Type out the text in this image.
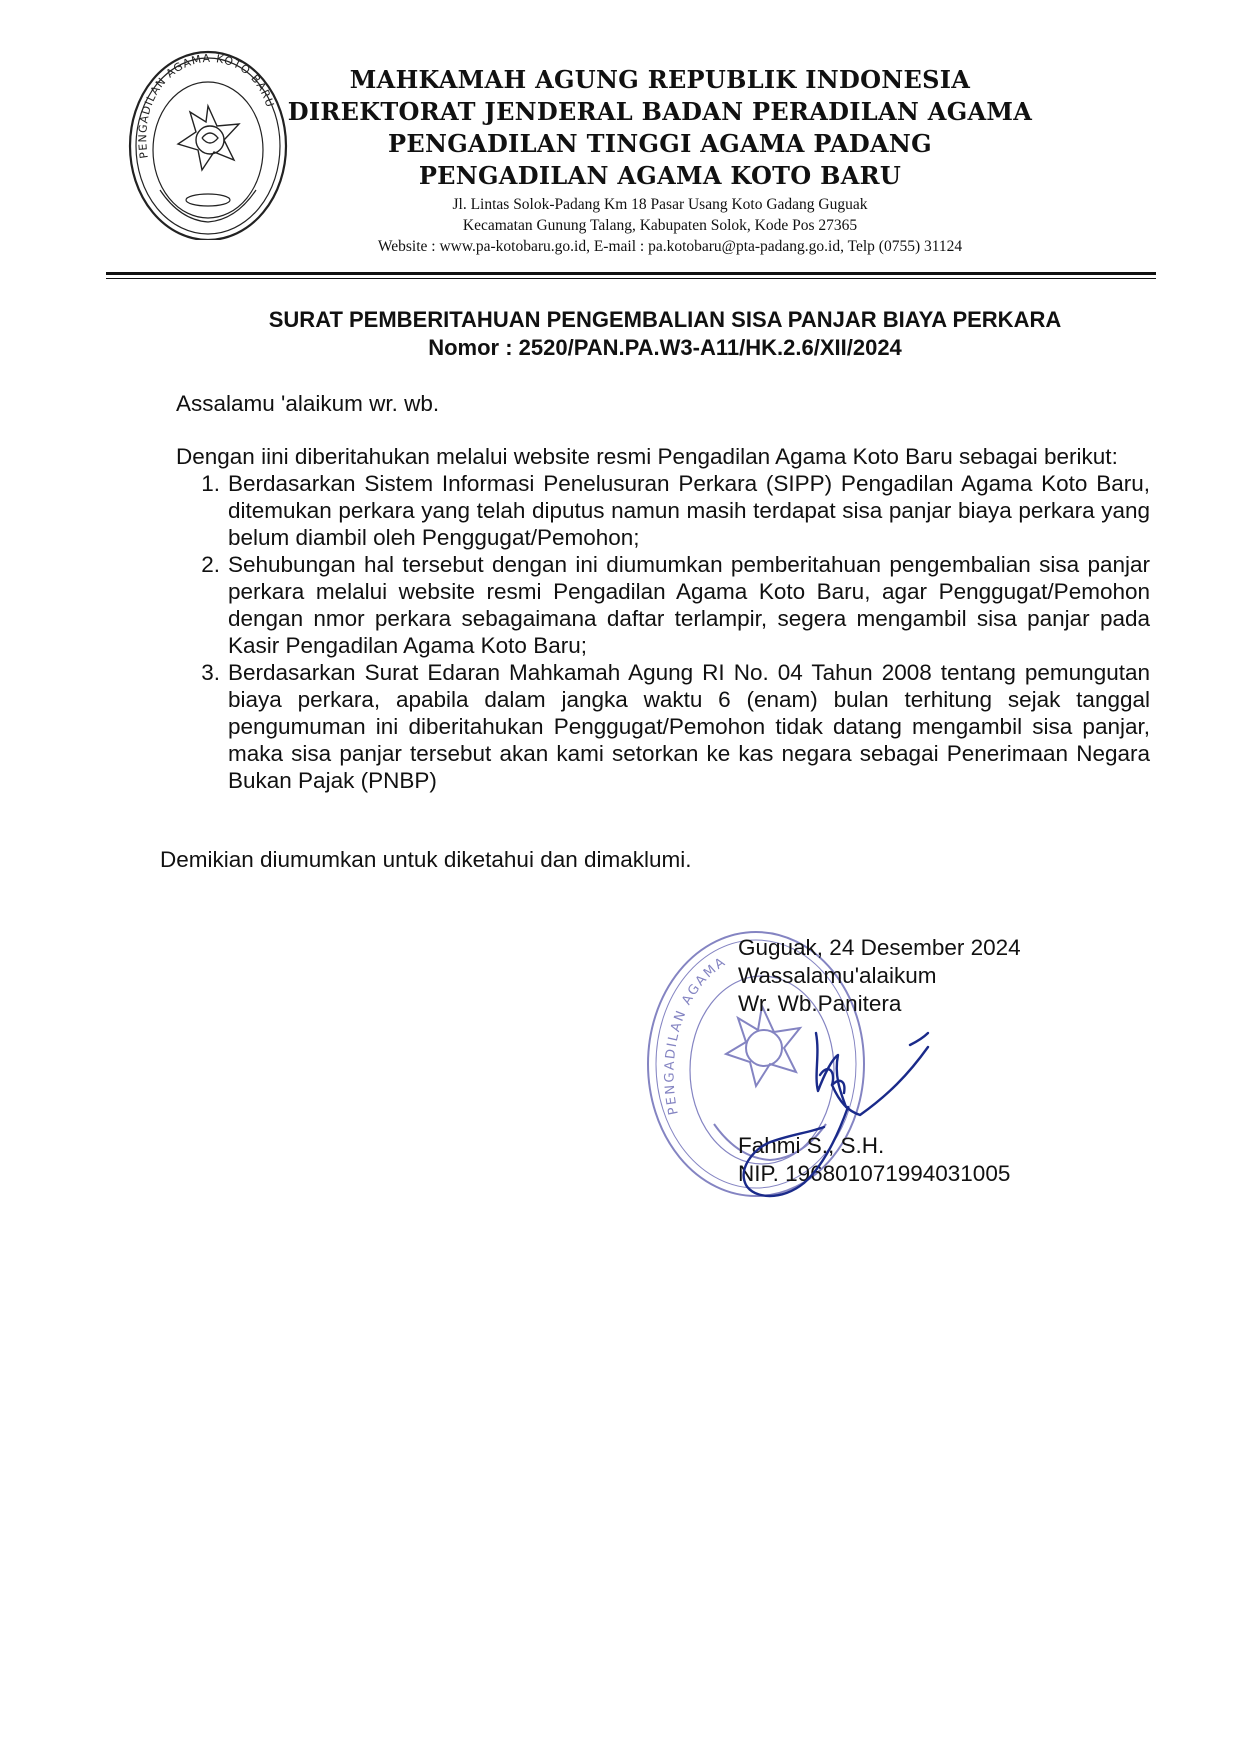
PENGADILAN AGAMA KOTO BARU
MAHKAMAH AGUNG REPUBLIK INDONESIA
DIREKTORAT JENDERAL BADAN PERADILAN AGAMA
PENGADILAN TINGGI AGAMA PADANG
PENGADILAN AGAMA KOTO BARU
Jl. Lintas Solok-Padang Km 18 Pasar Usang Koto Gadang Guguak
Kecamatan Gunung Talang, Kabupaten Solok, Kode Pos 27365
Website : www.pa-kotobaru.go.id, E-mail : pa.kotobaru@pta-padang.go.id, Telp (0755) 31124
SURAT PEMBERITAHUAN PENGEMBALIAN SISA PANJAR BIAYA PERKARA
Nomor : 2520/PAN.PA.W3-A11/HK.2.6/XII/2024

Assalamu 'alaikum wr. wb.

Dengan iini diberitahukan melalui website resmi Pengadilan Agama Koto Baru sebagai berikut:

1. Berdasarkan Sistem Informasi Penelusuran Perkara (SIPP) Pengadilan Agama Koto Baru, ditemukan perkara yang telah diputus namun masih terdapat sisa panjar biaya perkara yang belum diambil oleh Penggugat/Pemohon;
2. Sehubungan hal tersebut dengan ini diumumkan pemberitahuan pengembalian sisa panjar perkara melalui website resmi Pengadilan Agama Koto Baru, agar Penggugat/Pemohon dengan nmor perkara sebagaimana daftar terlampir, segera mengambil sisa panjar pada Kasir Pengadilan Agama Koto Baru;
3. Berdasarkan Surat Edaran Mahkamah Agung RI No. 04 Tahun 2008 tentang pemungutan biaya perkara, apabila dalam jangka waktu 6 (enam) bulan terhitung sejak tanggal pengumuman ini diberitahukan Penggugat/Pemohon tidak datang mengambil sisa panjar, maka sisa panjar tersebut akan kami setorkan ke kas negara sebagai Penerimaan Negara Bukan Pajak (PNBP)

Demikian diumumkan untuk diketahui dan dimaklumi.

PENGADILAN AGAMA
Guguak, 24 Desember 2024
Wassalamu'alaikum
Wr. Wb.Panitera
Fahmi S., S.H.
NIP. 196801071994031005
